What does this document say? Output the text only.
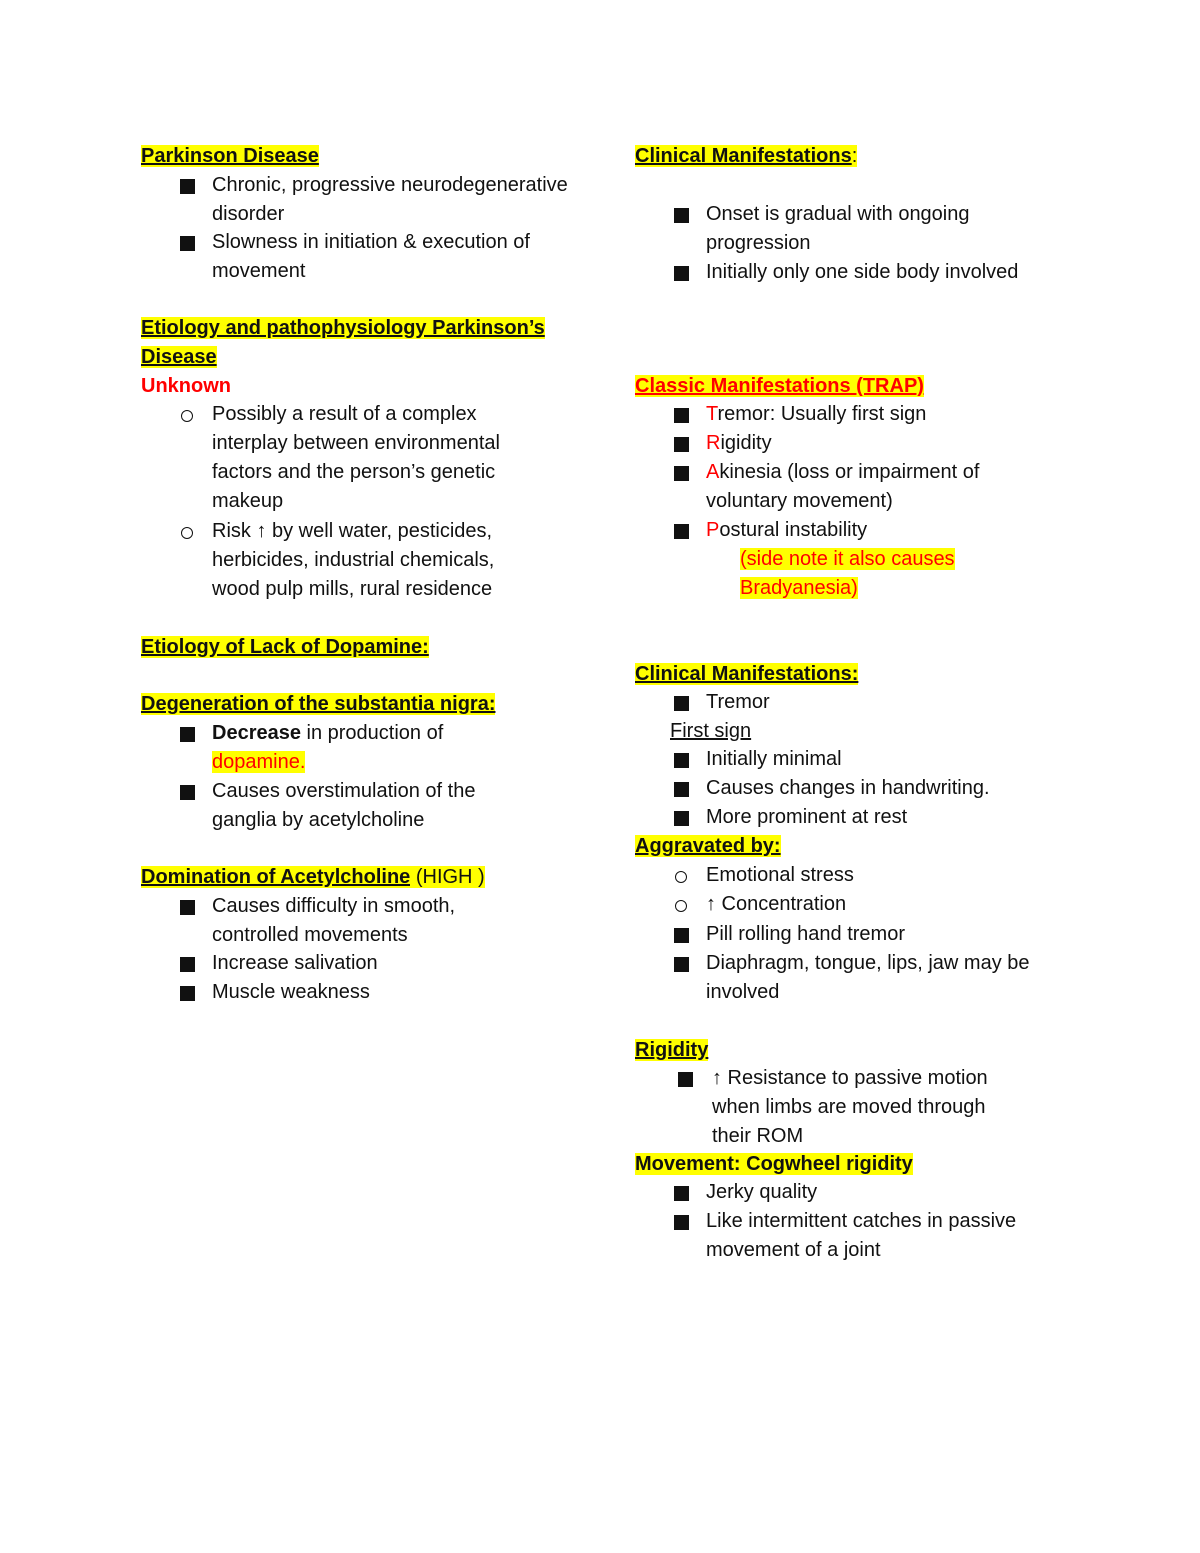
Parkinson Disease
Chronic, progressive neurodegenerative disorder
Slowness in initiation & execution of movement
Etiology and pathophysiology Parkinson’s
Disease
Unknown
Possibly a result of a complex interplay between environmental factors and the person’s genetic makeup
Risk ↑ by well water, pesticides, herbicides, industrial chemicals, wood pulp mills, rural residence
Etiology of Lack of Dopamine:
Degeneration of the substantia nigra:
Decrease in production of
dopamine.
Causes overstimulation of the ganglia by acetylcholine
Domination of Acetylcholine (HIGH )
Causes difficulty in smooth, controlled movements
Increase salivation
Muscle weakness
Clinical Manifestations:
Onset is gradual with ongoing progression
Initially only one side body involved
Classic Manifestations (TRAP)
Tremor: Usually first sign
Rigidity
Akinesia (loss or impairment of voluntary movement)
Postural instability
(side note it also causes
Bradyanesia)
Clinical Manifestations:
Tremor
First sign
Initially minimal
Causes changes in handwriting.
More prominent at rest
Aggravated by:
Emotional stress
↑ Concentration
Pill rolling hand tremor
Diaphragm, tongue, lips, jaw may be involved
Rigidity
↑ Resistance to passive motion when limbs are moved through their ROM
Movement: Cogwheel rigidity
Jerky quality
Like intermittent catches in passive movement of a joint
